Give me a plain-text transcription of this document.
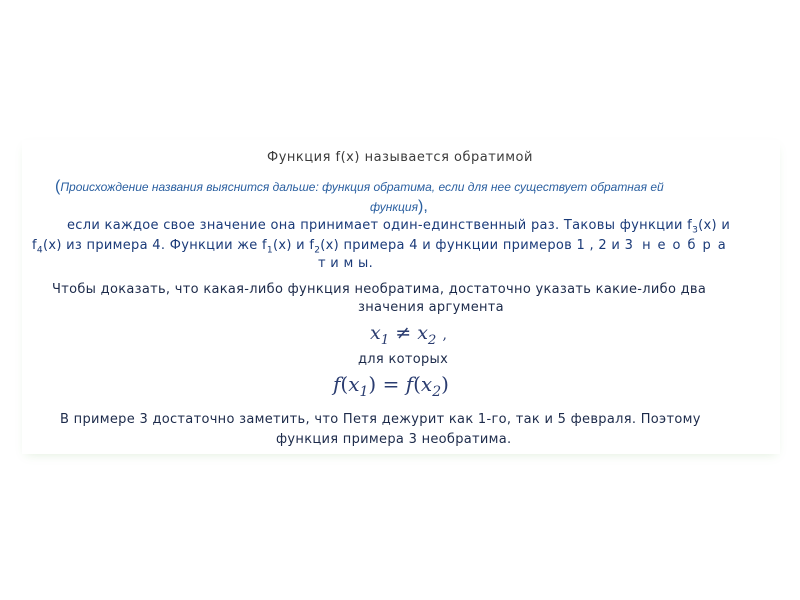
Функция f(x) называется обратимой

(Происхождение названия выяснится дальше: функция обратима, если для нее существует обратная ей
функция),
если каждое свое значение она принимает один-единственный раз. Таковы функции $f_3(x)$ и
$f_4(x)$ из примера 4. Функции же $f_1(x)$ и $f_2(x)$ примера 4 и функции примеров 1 , 2 и 3 необра
т и м ы.
Чтобы доказать, что какая-либо функция необратима, достаточно указать какие-либо два
значения аргумента
$x_1 \ne x_2$ ,
для которых
$f(x_1) = f(x_2)$
В примере 3 достаточно заметить, что Петя дежурит как 1-го, так и 5 февраля. Поэтому
функция примера 3 необратима.
